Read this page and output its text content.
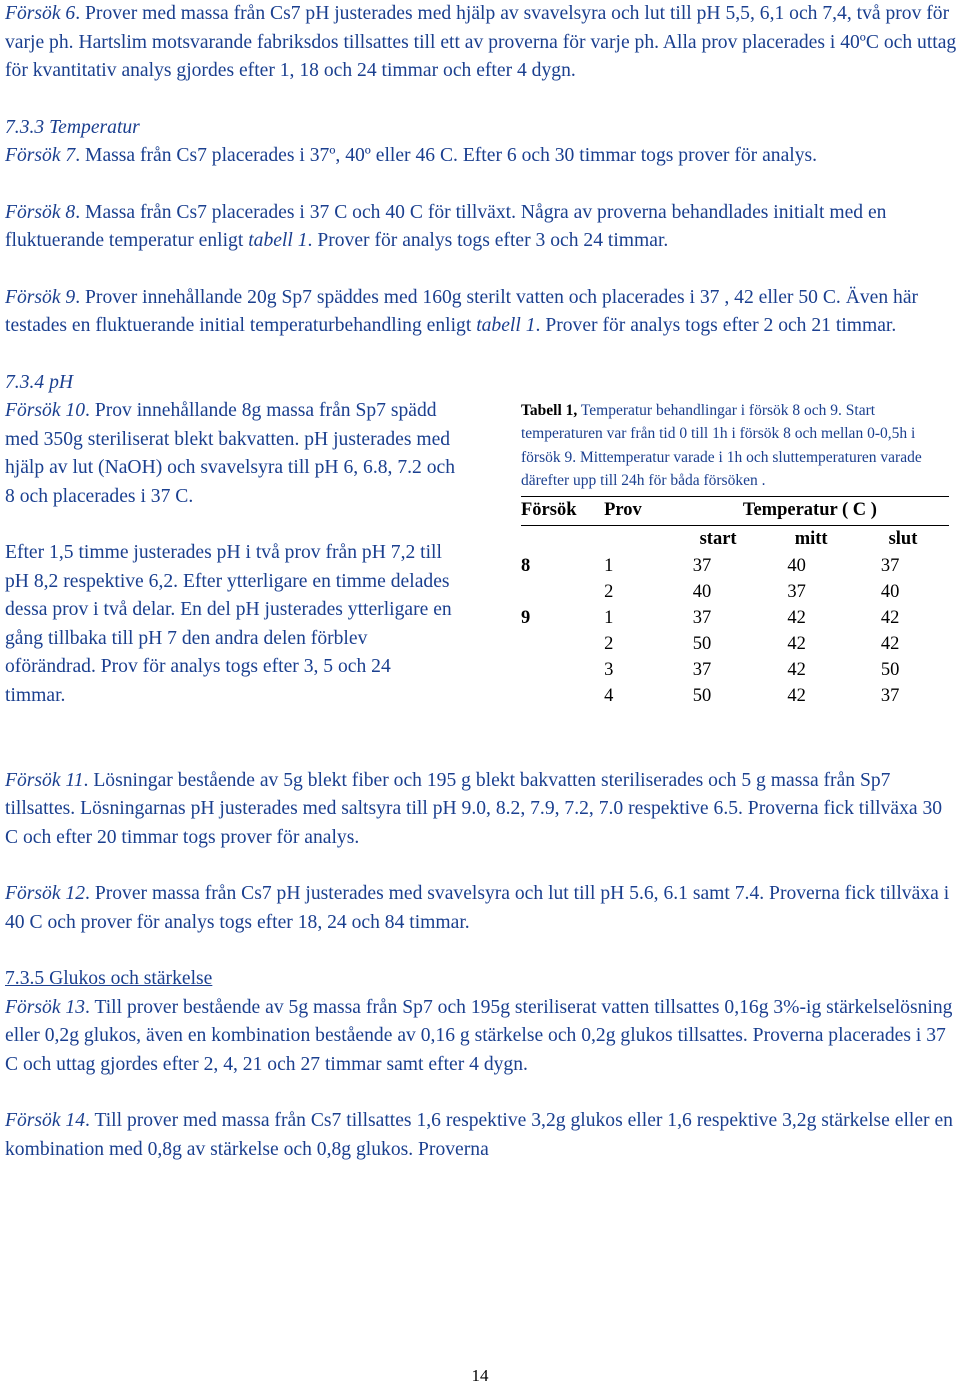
Försök 6. Prover med massa från Cs7 pH justerades med hjälp av svavelsyra och lut till pH 5,5, 6,1 och 7,4, två prov för varje ph. Hartslim motsvarande fabriksdos tillsattes till ett av proverna för varje ph. Alla prov placerades i 40ºC och uttag för kvantitativ analys gjordes efter 1, 18 och 24 timmar och efter 4 dygn.

7.3.3 Temperatur

Försök 7. Massa från Cs7 placerades i 37º, 40º eller 46 C. Efter 6 och 30 timmar togs prover för analys.

Försök 8. Massa från Cs7 placerades i 37 C och 40 C för tillväxt. Några av proverna behandlades initialt med en fluktuerande temperatur enligt tabell 1. Prover för analys togs efter 3 och 24 timmar.

Försök 9. Prover innehållande 20g Sp7 späddes med 160g sterilt vatten och placerades i 37 , 42 eller 50 C. Även här testades en fluktuerande initial temperaturbehandling enligt tabell 1. Prover för analys togs efter 2 och 21 timmar.

7.3.4 pH

Försök 10. Prov innehållande 8g massa från Sp7 spädd med 350g steriliserat blekt bakvatten. pH justerades med hjälp av lut (NaOH) och svavelsyra till pH 6, 6.8, 7.2 och 8 och placerades i 37 C.

Efter 1,5 timme justerades pH i två prov från pH 7,2 till pH 8,2 respektive 6,2. Efter ytterligare en timme delades dessa prov i två delar. En del pH justerades ytterligare en gång tillbaka till pH 7 den andra delen förblev oförändrad. Prov för analys togs efter 3, 5 och 24 timmar.

Tabell 1, Temperatur behandlingar i försök 8 och 9. Start temperaturen var från tid 0 till 1h i försök 8 och mellan 0-0,5h i försök 9. Mittemperatur varade i 1h och sluttemperaturen varade därefter upp till 24h för båda försöken .

Försök	Prov	Temperatur ( C )		
		start	mitt	slut
8	1	37	40	37
	2	40	37	40
9	1	37	42	42
	2	50	42	42
	3	37	42	50
	4	50	42	37

Försök 11. Lösningar bestående av 5g blekt fiber och 195 g blekt bakvatten steriliserades och 5 g massa från Sp7 tillsattes. Lösningarnas pH justerades med saltsyra till pH 9.0, 8.2, 7.9, 7.2, 7.0 respektive 6.5. Proverna fick tillväxa 30 C och efter 20 timmar togs prover för analys.

Försök 12. Prover massa från Cs7 pH justerades med svavelsyra och lut till pH 5.6, 6.1 samt 7.4. Proverna fick tillväxa i 40 C och prover för analys togs efter 18, 24 och 84 timmar.

7.3.5 Glukos och stärkelse

Försök 13. Till prover bestående av 5g massa från Sp7 och 195g steriliserat vatten tillsattes 0,16g 3%-ig stärkelselösning eller 0,2g glukos, även en kombination bestående av 0,16 g stärkelse och 0,2g glukos tillsattes. Proverna placerades i 37 C och uttag gjordes efter 2, 4, 21 och 27 timmar samt efter 4 dygn.

Försök 14. Till prover med massa från Cs7 tillsattes 1,6 respektive 3,2g glukos eller 1,6 respektive 3,2g stärkelse eller en kombination med 0,8g av stärkelse och 0,8g glukos. Proverna

14
